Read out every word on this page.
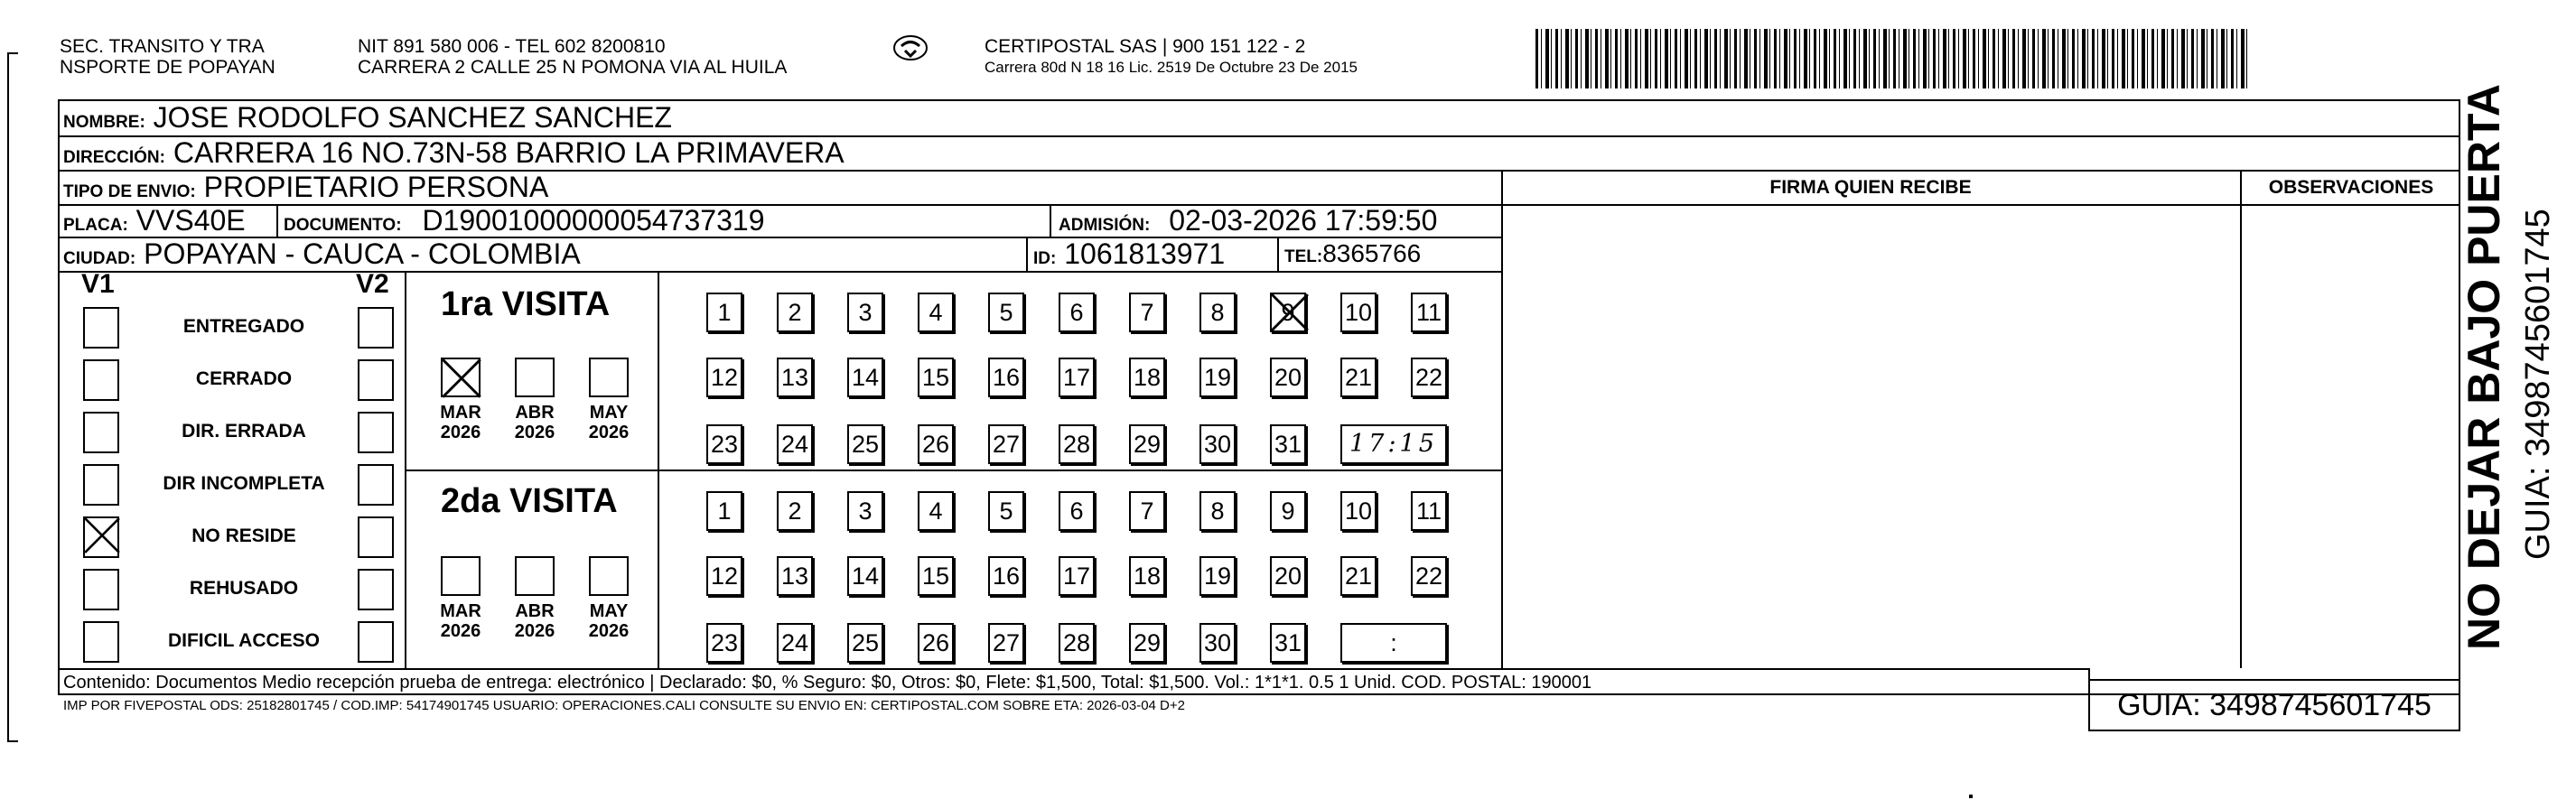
SEC. TRANSITO Y TRA
NSPORTE DE POPAYAN
NIT 891 580 006 - TEL 602 8200810
CARRERA 2 CALLE 25 N POMONA VIA AL HUILA
CERTIPOSTAL SAS | 900 151 122 - 2
Carrera 80d N 18 16 Lic. 2519 De Octubre 23 De 2015
NOMBRE: JOSE RODOLFO SANCHEZ SANCHEZ
DIRECCIÓN: CARRERA 16 NO.73N-58 BARRIO LA PRIMAVERA
TIPO DE ENVIO: PROPIETARIO PERSONA
PLACA: VVS40E DOCUMENTO: D19001000000054737319	ADMISIÓN: 02-03-2026 17:59:50
CIUDAD: POPAYAN - CAUCA - COLOMBIA	ID: 1061813971	TEL:8365766
FIRMA QUIEN RECIBE	OBSERVACIONES
V1	V2
ENTREGADO
CERRADO
DIR. ERRADA
DIR INCOMPLETA
NO RESIDE
REHUSADO
DIFICIL ACCESO
1ra VISITA
2da VISITA
MAR
2026
ABR
2026
MAY
2026
1	2	3	4	5	6	7	8	9	10 11
12 13 14 15 16 17 18 19 20 21 22
23 24 25 26 27 28 29 30 31	17:15
MAR
2026
ABR
2026
MAY
2026
1	2	3	4	5	6	7	8	9	10 11
12 13 14 15 16 17 18 19 20 21 22
23 24 25 26 27 28 29 30 31	:
Contenido: Documentos Medio recepción prueba de entrega: electrónico | Declarado: $0, % Seguro: $0, Otros: $0, Flete: $1,500, Total: $1,500. Vol.: 1*1*1. 0.5 1 Unid. COD. POSTAL: 190001
IMP POR FIVEPOSTAL ODS: 25182801745 / COD.IMP: 54174901745 USUARIO: OPERACIONES.CALI CONSULTE SU ENVIO EN: CERTIPOSTAL.COM SOBRE ETA: 2026-03-04 D+2	GUIA: 3498745601745
NO DEJAR BAJO PUERTA GUIA: 3498745601745
